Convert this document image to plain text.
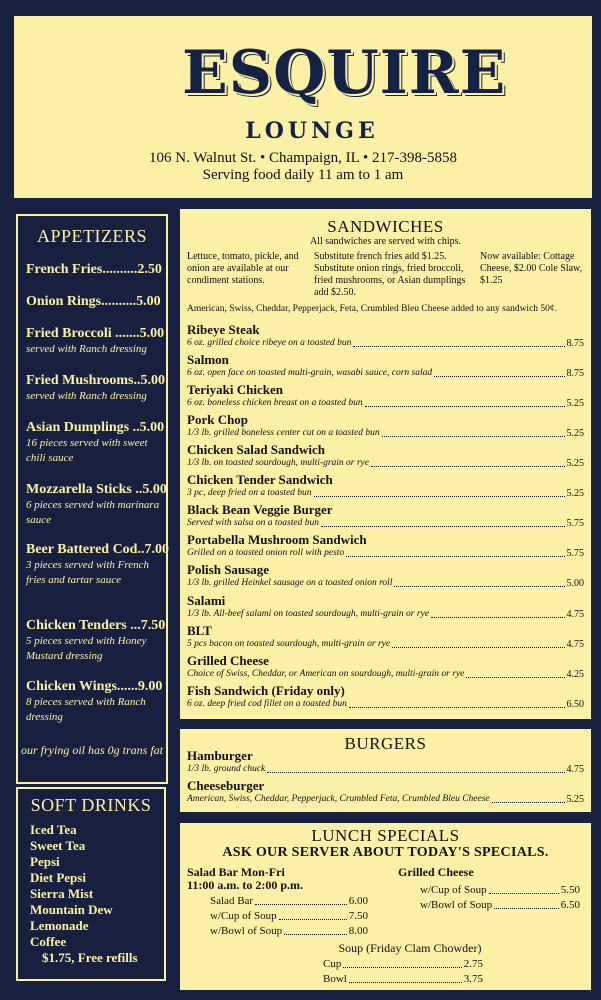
ESQUIRE
LOUNGE
106 N. Walnut St. • Champaign, IL • 217-398-5858
Serving food daily 11 am to 1 am
APPETIZERS
French Fries..........2.50
Onion Rings..........5.00
Fried Broccoli .......5.00
served with Ranch dressing
Fried Mushrooms..5.00
served with Ranch dressing
Asian Dumplings ..5.00
16 pieces served with sweet chili sauce
Mozzarella Sticks ..5.00
6 pieces served with marinara sauce
Beer Battered Cod..7.00
3 pieces served with French fries and tartar sauce
Chicken Tenders ...7.50
5 pieces served with Honey Mustard dressing
Chicken Wings......9.00
8 pieces served with Ranch dressing
our frying oil has 0g trans fat
SOFT DRINKS
Iced Tea
Sweet Tea
Pepsi
Diet Pepsi
Sierra Mist
Mountain Dew
Lemonade
Coffee
$1.75, Free refills
SANDWICHES
All sandwiches are served with chips.
Lettuce, tomato, pickle, and onion are available at our condiment stations.
Substitute french fries add $1.25. Substitute onion rings, fried broccoli, fried mushrooms, or Asian dumplings add $2.50.
Now available: Cottage Cheese, $2.00 Cole Slaw, $1.25
American, Swiss, Cheddar, Pepperjack, Feta, Crumbled Bleu Cheese added to any sandwich 50¢.
Ribeye Steak
6 oz. grilled choice ribeye on a toasted bun	8.75
Salmon
6 oz. open face on toasted multi-grain, wasabi sauce, corn salad	8.75
Teriyaki Chicken
6 oz. boneless chicken breast on a toasted bun	5.25
Pork Chop
1/3 lb. grilled boneless center cut on a toasted bun	5.25
Chicken Salad Sandwich
1/3 lb. on toasted sourdough, multi-grain or rye	5.25
Chicken Tender Sandwich
3 pc, deep fried on a toasted bun	5.25
Black Bean Veggie Burger
Served with salsa on a toasted bun	5.75
Portabella Mushroom Sandwich
Grilled on a toasted onion roll with pesto	5.75
Polish Sausage
1/3 lb. grilled Heinkel sausage on a toasted onion roll	5.00
Salami
1/3 lb. All-beef salami on toasted sourdough, multi-grain or rye	4.75
BLT
5 pcs bacon on toasted sourdough, multi-grain or rye	4.75
Grilled Cheese
Choice of Swiss, Cheddar, or American on sourdough, multi-grain or rye	4.25
Fish Sandwich (Friday only)
6 oz. deep fried cod fillet on a toasted bun	6.50
BURGERS
Hamburger
1/3 lb. ground chuck	4.75
Cheeseburger
American, Swiss, Cheddar, Pepperjack, Crumbled Feta, Crumbled Bleu Cheese	5.25
LUNCH SPECIALS
ASK OUR SERVER ABOUT TODAY'S SPECIALS.
Salad Bar Mon-Fri
11:00 a.m. to 2:00 p.m.
Salad Bar	6.00
w/Cup of Soup	7.50
w/Bowl of Soup	8.00
Grilled Cheese
w/Cup of Soup	5.50
w/Bowl of Soup	6.50
Soup (Friday Clam Chowder)
Cup	2.75
Bowl	3.75
